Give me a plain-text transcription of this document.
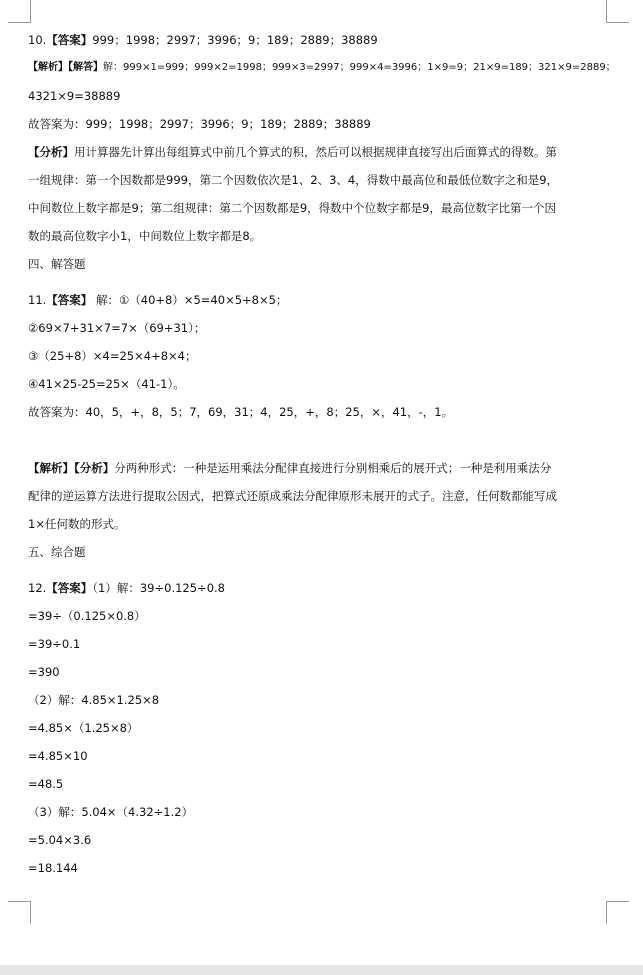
10.【答案】999；1998；2997；3996；9；189；2889；38889
【解析】【解答】解：999×1=999；999×2=1998；999×3=2997；999×4=3996；1×9=9；21×9=189；321×9=2889；
4321×9=38889
故答案为：999；1998；2997；3996；9；189；2889；38889
【分析】用计算器先计算出每组算式中前几个算式的积，然后可以根据规律直接写出后面算式的得数。第
一组规律：第一个因数都是999，第二个因数依次是1、2、3、4，得数中最高位和最低位数字之和是9，
中间数位上数字都是9；第二组规律：第二个因数都是9，得数中个位数字都是9，最高位数字比第一个因
数的最高位数字小1，中间数位上数字都是8。
四、解答题
11.【答案】 解：①（40+8）×5=40×5+8×5；
②69×7+31×7=7×（69+31）；
③（25+8）×4=25×4+8×4；
④41×25-25=25×（41-1）。
故答案为：40，5，+，8，5；7，69，31；4，25，+，8；25，×，41，-，1。
【解析】【分析】分两种形式：一种是运用乘法分配律直接进行分别相乘后的展开式；一种是利用乘法分
配律的逆运算方法进行提取公因式，把算式还原成乘法分配律原形未展开的式子。注意，任何数都能写成
1×任何数的形式。
五、综合题
12.【答案】（1）解：39÷0.125÷0.8
=39÷（0.125×0.8）
=39÷0.1
=390
（2）解：4.85×1.25×8
=4.85×（1.25×8）
=4.85×10
=48.5
（3）解：5.04×（4.32÷1.2）
=5.04×3.6
=18.144
